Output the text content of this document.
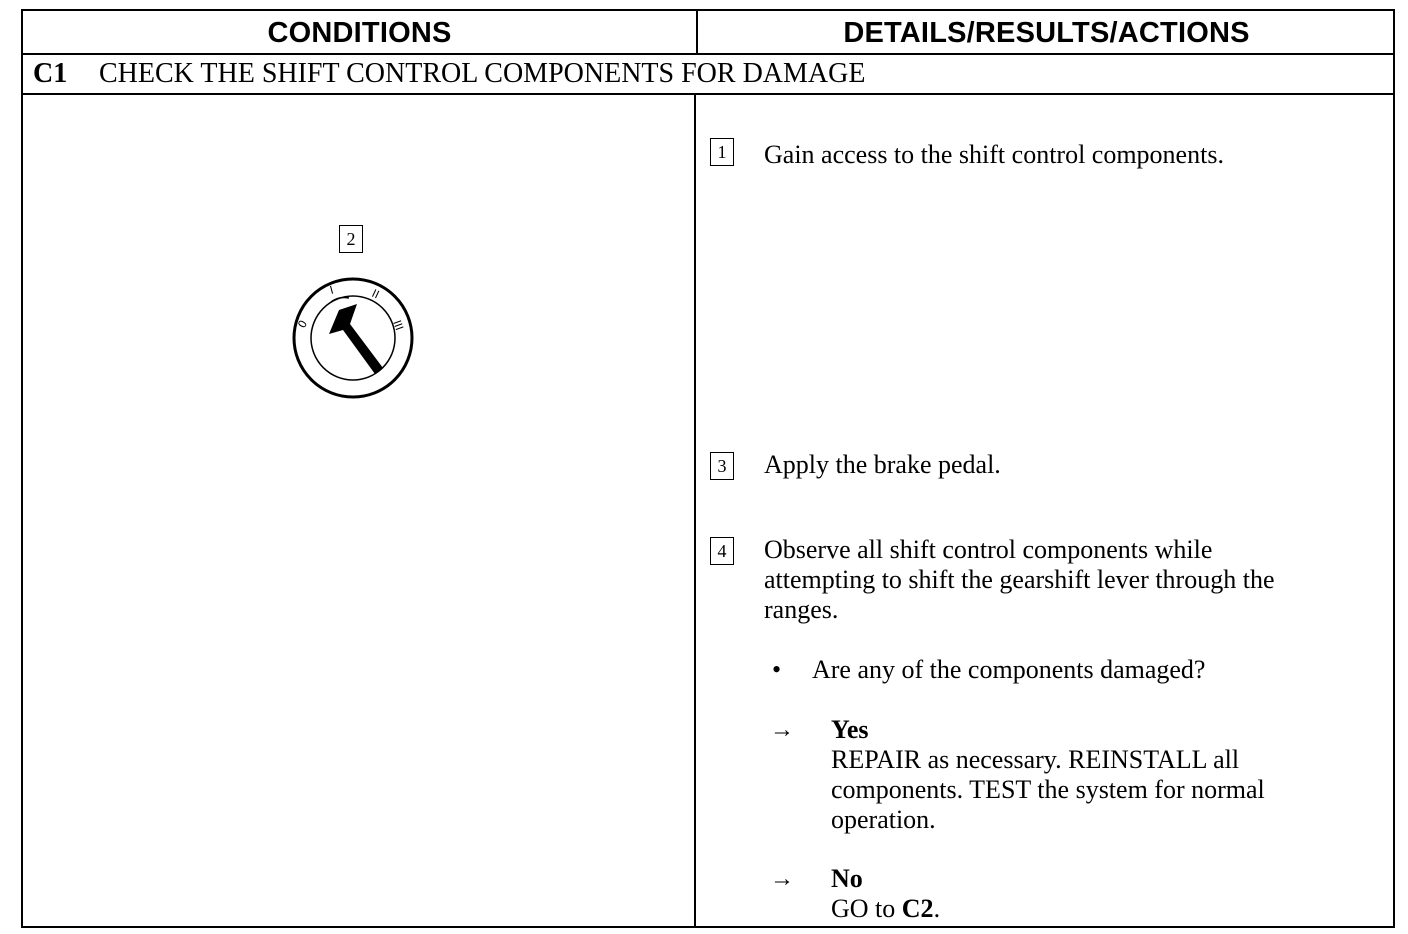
CONDITIONS	DETAILS/RESULTS/ACTIONS
C1 CHECK THE SHIFT CONTROL COMPONENTS FOR DAMAGE
2
0
I	II
III
1 Gain access to the shift control components.
3 Apply the brake pedal.
4 Observe all shift control components while
attempting to shift the gearshift lever through the
ranges.
• Are any of the components damaged?
→ Yes
REPAIR as necessary. REINSTALL all
components. TEST the system for normal
operation.
→ No
GO to C2.
